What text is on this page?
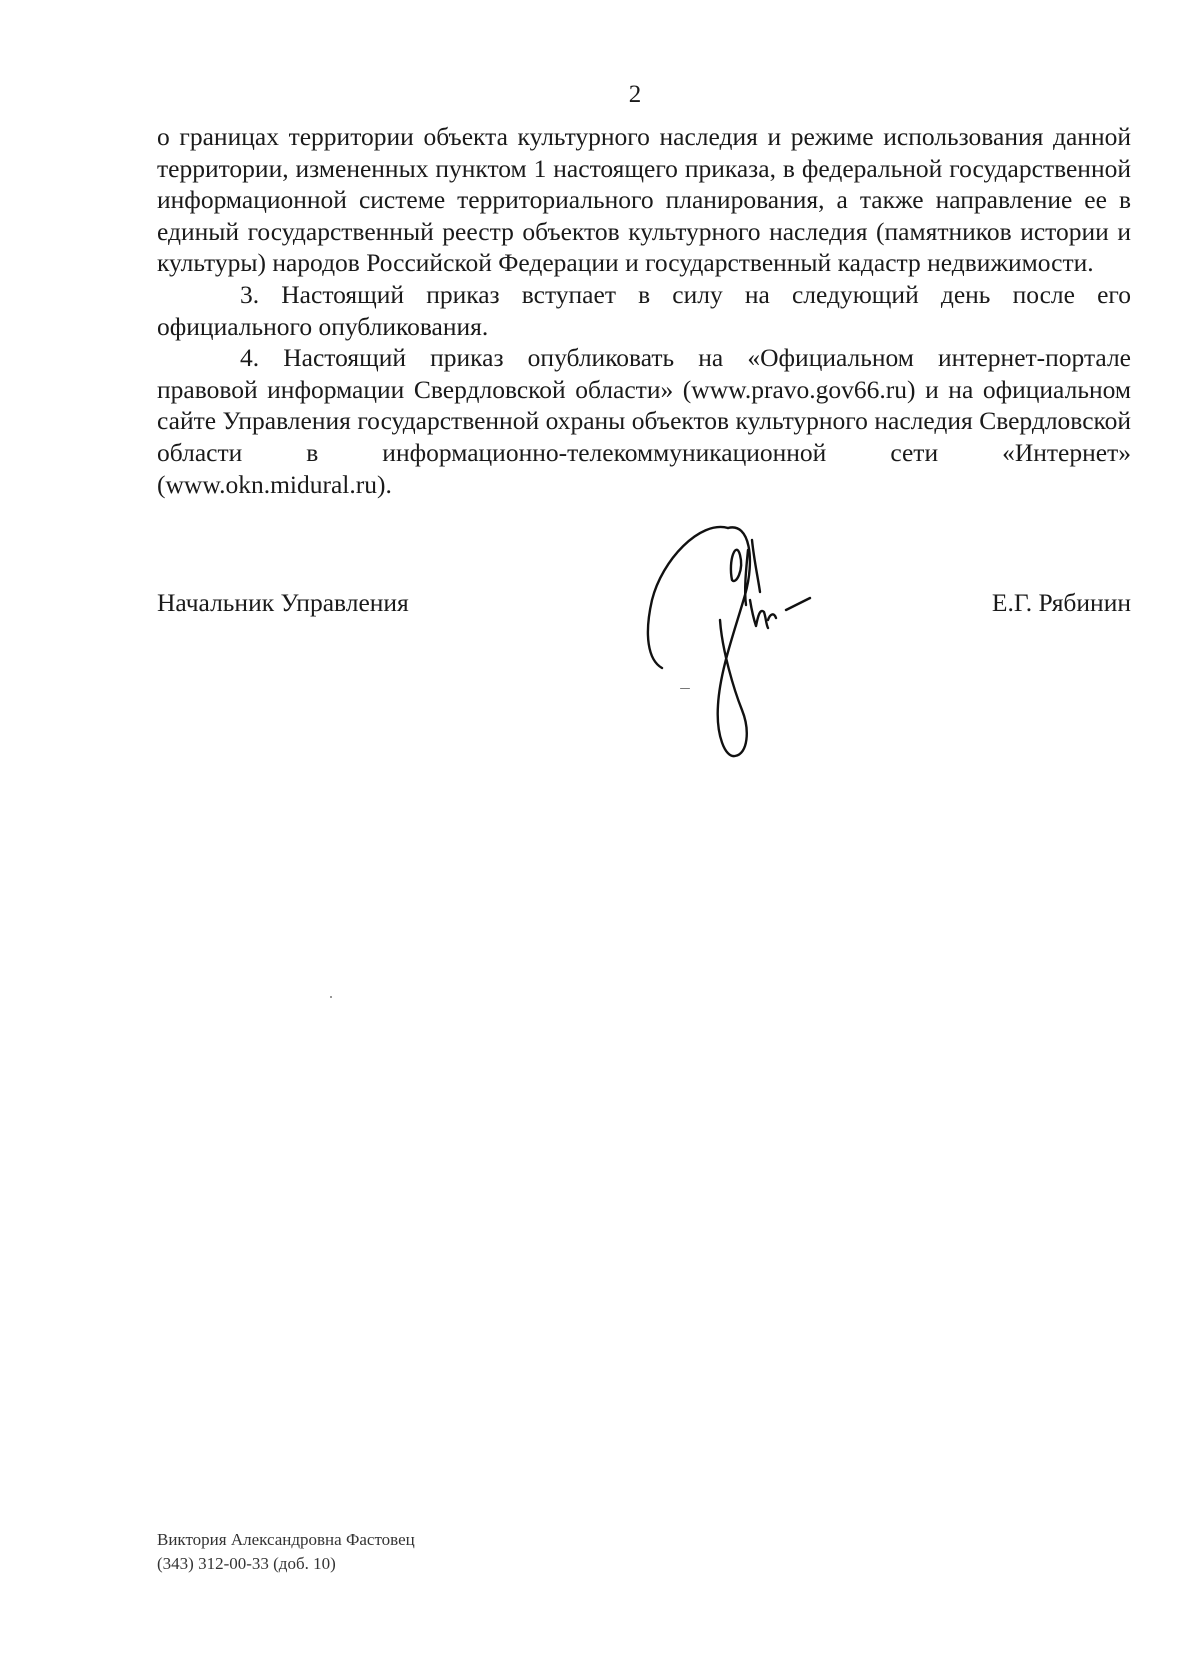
2

о границах территории объекта культурного наследия и режиме использования данной территории, измененных пунктом 1 настоящего приказа, в федеральной государственной информационной системе территориального планирования, а также направление ее в единый государственный реестр объектов культурного наследия (памятников истории и культуры) народов Российской Федерации и государственный кадастр недвижимости.

3. Настоящий приказ вступает в силу на следующий день после его официального опубликования.

4. Настоящий приказ опубликовать на «Официальном интернет-портале правовой информации Свердловской области» (www.pravo.gov66.ru) и на официальном сайте Управления государственной охраны объектов культурного наследия Свердловской области в информационно-телекоммуникационной сети «Интернет» (www.okn.midural.ru).

Начальник Управления	Е.Г. Рябинин
Виктория Александровна Фастовец
(343) 312-00-33 (доб. 10)
